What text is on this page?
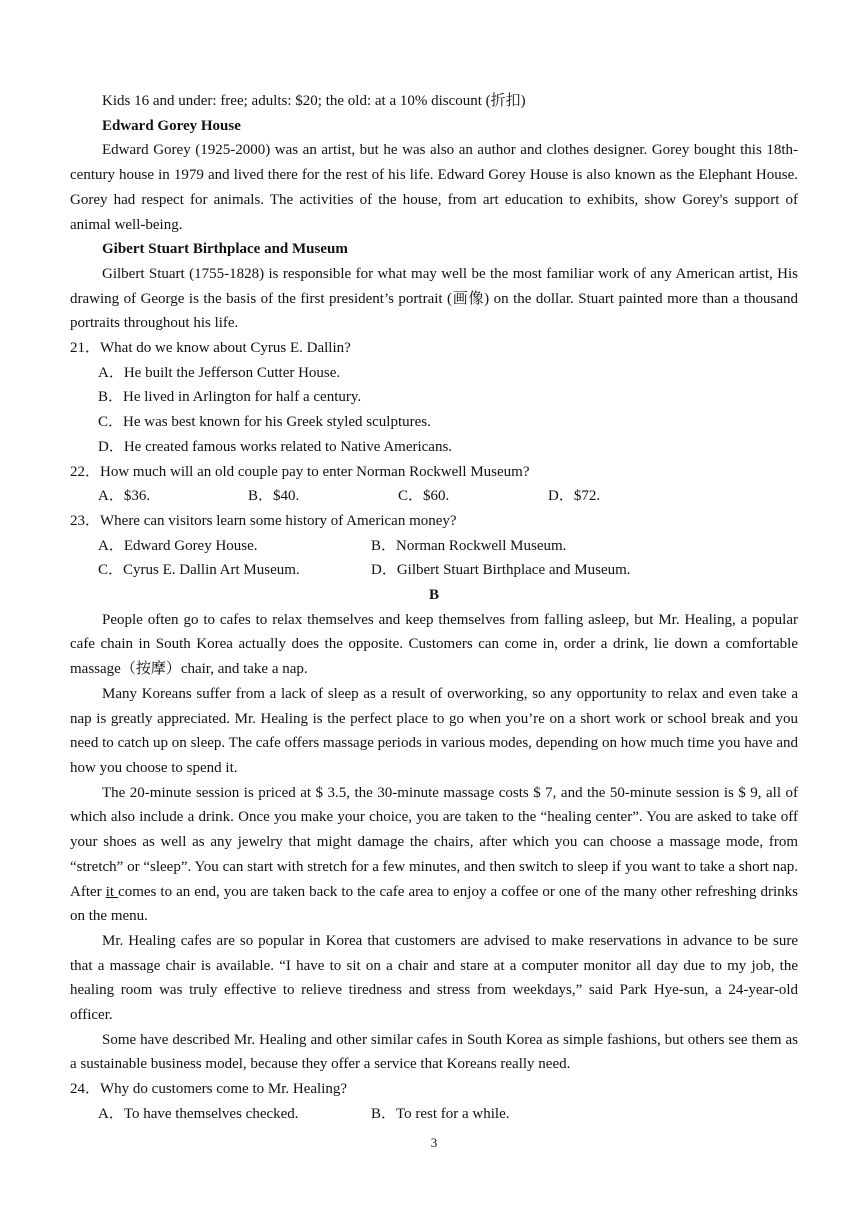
Kids 16 and under: free; adults: $20; the old: at a 10% discount (折扣)

Edward Gorey House

Edward Gorey (1925-2000) was an artist, but he was also an author and clothes designer. Gorey bought this 18th-century house in 1979 and lived there for the rest of his life. Edward Gorey House is also known as the Elephant House. Gorey had respect for animals. The activities of the house, from art education to exhibits, show Gorey's support of animal well-being.

Gibert Stuart Birthplace and Museum

Gilbert Stuart (1755-1828) is responsible for what may well be the most familiar work of any American artist, His drawing of George is the basis of the first president’s portrait (画像) on the dollar. Stuart painted more than a thousand portraits throughout his life.

21．What do we know about Cyrus E. Dallin?

A．He built the Jefferson Cutter House.

B．He lived in Arlington for half a century.

C．He was best known for his Greek styled sculptures.

D．He created famous works related to Native Americans.

22．How much will an old couple pay to enter Norman Rockwell Museum?

A．$36.	B．$40.	C．$60.	D．$72.

23．Where can visitors learn some history of American money?

A．Edward Gorey House.	B．Norman Rockwell Museum.
C．Cyrus E. Dallin Art Museum.	D．Gilbert Stuart Birthplace and Museum.

B

People often go to cafes to relax themselves and keep themselves from falling asleep, but Mr. Healing, a popular cafe chain in South Korea actually does the opposite. Customers can come in, order a drink, lie down a comfortable massage（按摩）chair, and take a nap.

Many Koreans suffer from a lack of sleep as a result of overworking, so any opportunity to relax and even take a nap is greatly appreciated. Mr. Healing is the perfect place to go when you’re on a short work or school break and you need to catch up on sleep. The cafe offers massage periods in various modes, depending on how much time you have and how you choose to spend it.

The 20-minute session is priced at $ 3.5, the 30-minute massage costs $ 7, and the 50-minute session is $ 9, all of which also include a drink. Once you make your choice, you are taken to the “healing center”. You are asked to take off your shoes as well as any jewelry that might damage the chairs, after which you can choose a massage mode, from “stretch” or “sleep”. You can start with stretch for a few minutes, and then switch to sleep if you want to take a short nap. After it comes to an end, you are taken back to the cafe area to enjoy a coffee or one of the many other refreshing drinks on the menu.

Mr. Healing cafes are so popular in Korea that customers are advised to make reservations in advance to be sure that a massage chair is available. “I have to sit on a chair and stare at a computer monitor all day due to my job, the healing room was truly effective to relieve tiredness and stress from weekdays,” said Park Hye-sun, a 24-year-old officer.

Some have described Mr. Healing and other similar cafes in South Korea as simple fashions, but others see them as a sustainable business model, because they offer a service that Koreans really need.

24．Why do customers come to Mr. Healing?

A．To have themselves checked.	B．To rest for a while.
3
